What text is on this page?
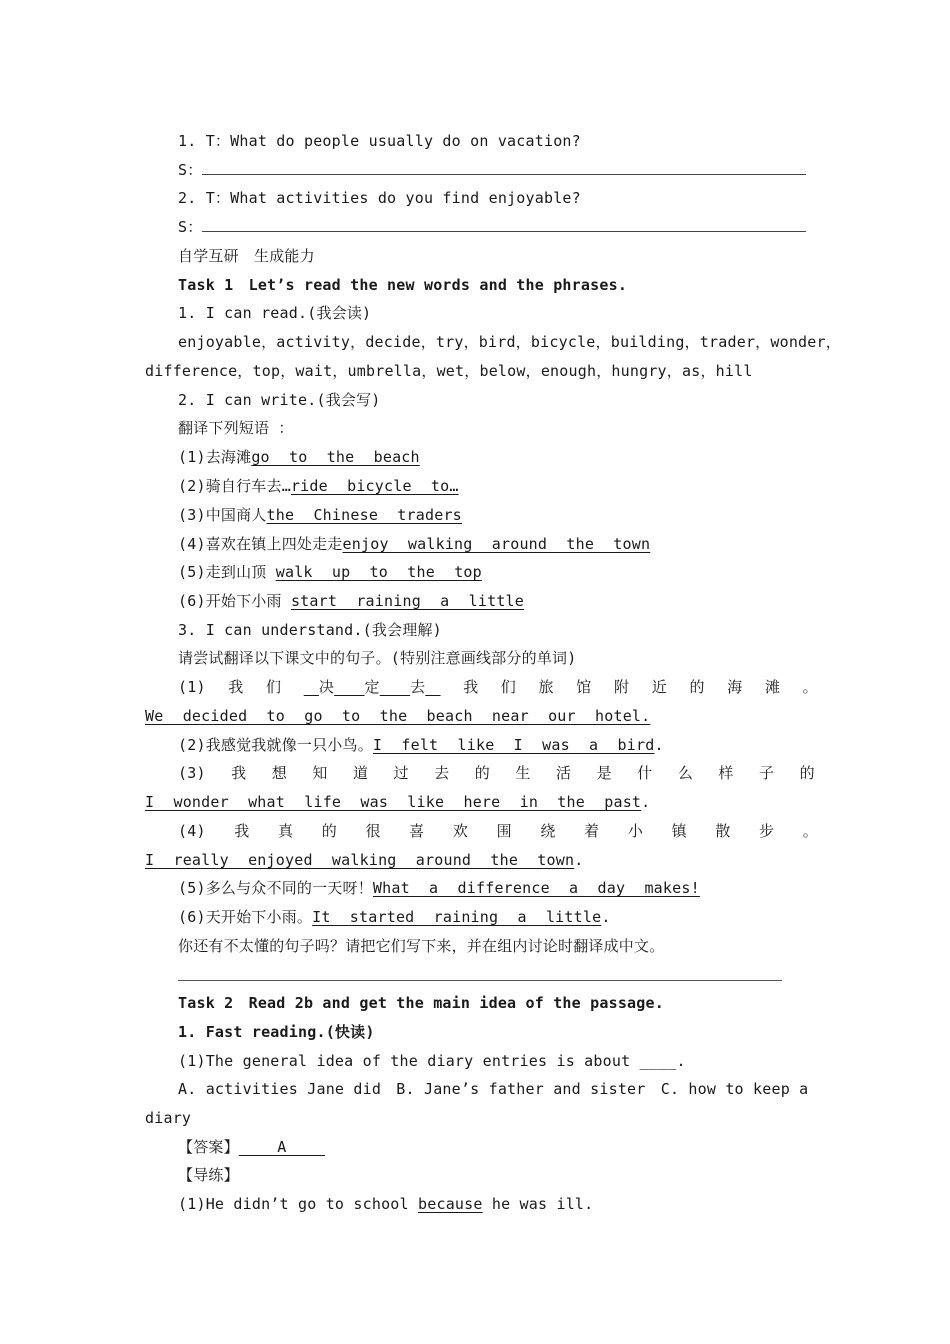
1. T：What do people usually do on vacation?
S：
2. T：What activities do you find enjoyable?
S：
自学互研　生成能力
Task 1　Let’s read the new words and the phrases.
1. I can read.(我会读)
enjoyable，activity，decide，try，bird，bicycle，building，trader，wonder，
difference，top，wait，umbrella，wet，below，enough，hungry，as，hill
2. I can write.(我会写)
翻译下列短语 ：
(1)去海滩go to the beach
(2)骑自行车去…ride bicycle to…
(3)中国商人the Chinese traders
(4)喜欢在镇上四处走走enjoy walking around the town
(5)走到山顶 walk up to the top
(6)开始下小雨 start raining a little
3. I can understand.(我会理解)
请尝试翻译以下课文中的句子。(特别注意画线部分的单词)
(1) 我 们
　	决　　 定　　 去　	我 们 旅 馆 附 近 的 海 滩 。
We decided to go to the beach near our hotel.
(2)我感觉我就像一只小鸟。I felt like I was a bird.
(3) 我 想 知 道 过 去 的 生 活 是 什 么 样 子 的
I wonder what life was like here in the past.
(4) 我 真 的 很 喜 欢 围 绕 着 小 镇 散 步 。
I really enjoyed walking around the town.
(5)多么与众不同的一天呀！What a difference a day makes!
(6)天开始下小雨。It started raining a little.
你还有不太懂的句子吗？请把它们写下来，并在组内讨论时翻译成中文。
Task 2　Read 2b and get the main idea of the passage.
1. Fast reading.(快读)
(1)The general idea of the diary entries is about ____.
A. activities Jane did　B. Jane’s father and sister　C. how to keep a
diary
【答案】	A
【导练】
(1)He didn’t go to school because he was ill.
